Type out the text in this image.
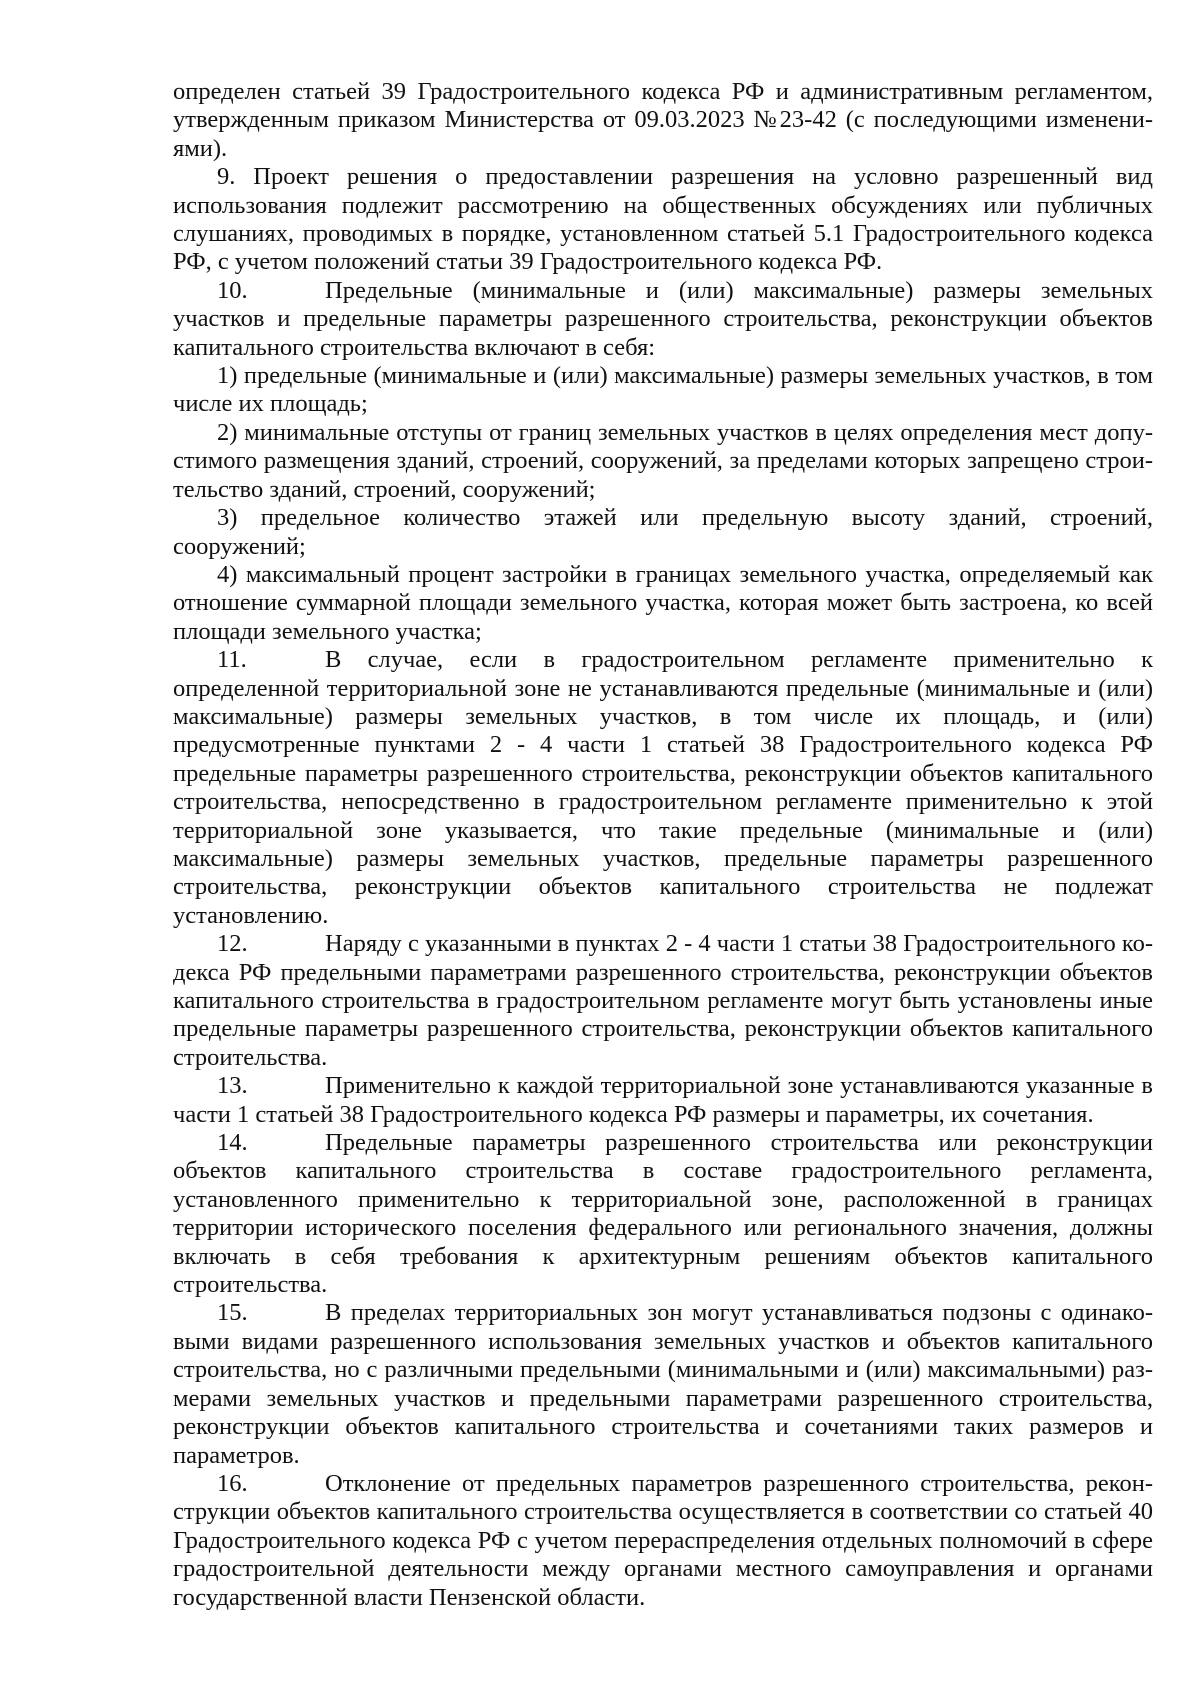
определен статьей 39 Градостроительного кодекса РФ и административным регламентом, утвержденным приказом Министерства от 09.03.2023 №23-42 (с последующими изменениями).

9. Проект решения о предоставлении разрешения на условно разрешенный вид использования подлежит рассмотрению на общественных обсуждениях или публичных слушаниях, проводимых в порядке, установленном статьей 5.1 Градостроительного кодекса РФ, с учетом положений статьи 39 Градостроительного кодекса РФ.

10.	Предельные (минимальные и (или) максимальные) размеры земельных участков и предельные параметры разрешенного строительства, реконструкции объектов капитального строительства включают в себя:

1) предельные (минимальные и (или) максимальные) размеры земельных участков, в том числе их площадь;

2) минимальные отступы от границ земельных участков в целях определения мест допустимого размещения зданий, строений, сооружений, за пределами которых запрещено строительство зданий, строений, сооружений;

3) предельное количество этажей или предельную высоту зданий, строений, сооружений;

4) максимальный процент застройки в границах земельного участка, определяемый как отношение суммарной площади земельного участка, которая может быть застроена, ко всей площади земельного участка;

11.	В случае, если в градостроительном регламенте применительно к определенной территориальной зоне не устанавливаются предельные (минимальные и (или) максимальные) размеры земельных участков, в том числе их площадь, и (или) предусмотренные пунктами 2 - 4 части 1 статьей 38 Градостроительного кодекса РФ предельные параметры разрешенного строительства, реконструкции объектов капитального строительства, непосредственно в градостроительном регламенте применительно к этой территориальной зоне указывается, что такие предельные (минимальные и (или) максимальные) размеры земельных участков, предельные параметры разрешенного строительства, реконструкции объектов капитального строительства не подлежат установлению.

12.	Наряду с указанными в пунктах 2 - 4 части 1 статьи 38 Градостроительного кодекса РФ предельными параметрами разрешенного строительства, реконструкции объектов капитального строительства в градостроительном регламенте могут быть установлены иные предельные параметры разрешенного строительства, реконструкции объектов капитального строительства.

13.	Применительно к каждой территориальной зоне устанавливаются указанные в части 1 статьей 38 Градостроительного кодекса РФ размеры и параметры, их сочетания.

14.	Предельные параметры разрешенного строительства или реконструкции объектов капитального строительства в составе градостроительного регламента, установленного применительно к территориальной зоне, расположенной в границах территории исторического поселения федерального или регионального значения, должны включать в себя требования к архитектурным решениям объектов капитального строительства.

15.	В пределах территориальных зон могут устанавливаться подзоны с одинаковыми видами разрешенного использования земельных участков и объектов капитального строительства, но с различными предельными (минимальными и (или) максимальными) размерами земельных участков и предельными параметрами разрешенного строительства, реконструкции объектов капитального строительства и сочетаниями таких размеров и параметров.

16.	Отклонение от предельных параметров разрешенного строительства, реконструкции объектов капитального строительства осуществляется в соответствии со статьей 40 Градостроительного кодекса РФ с учетом перераспределения отдельных полномочий в сфере градостроительной деятельности между органами местного самоуправления и органами государственной власти Пензенской области.
